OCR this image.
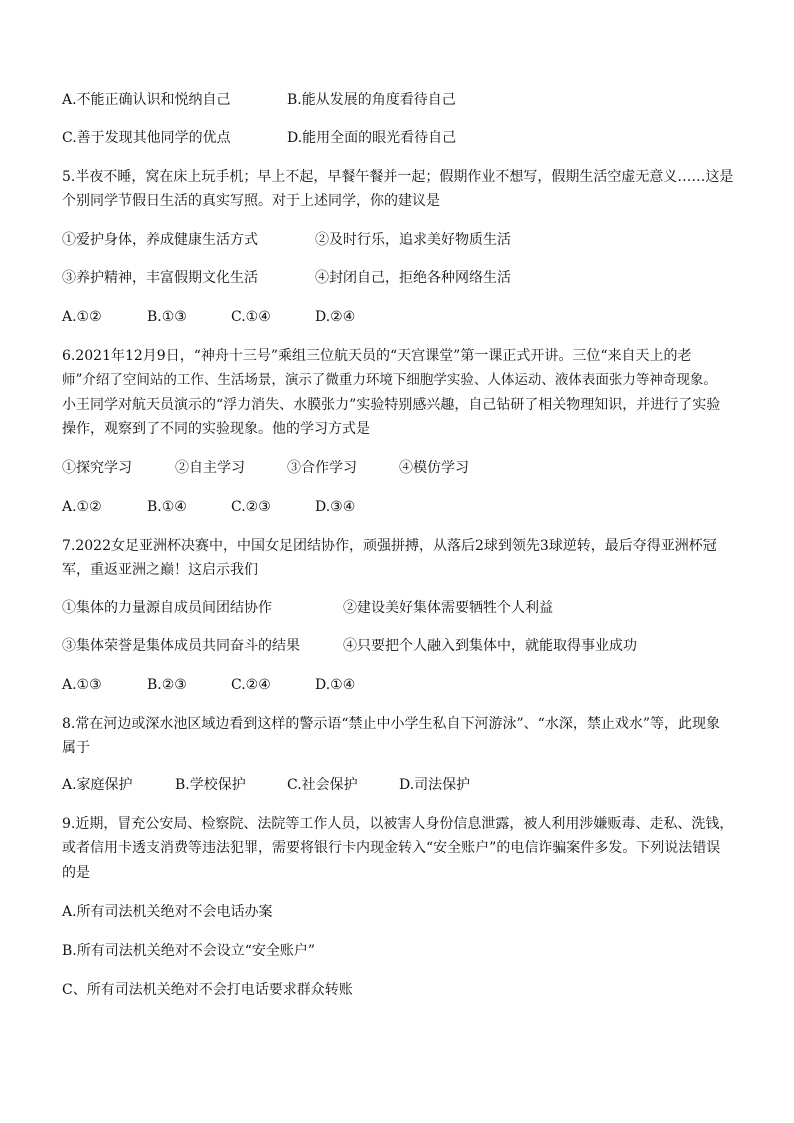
A.不能正确认识和悦纳自己	B.能从发展的角度看待自己
C.善于发现其他同学的优点	D.能用全面的眼光看待自己
5.半夜不睡，窝在床上玩手机；早上不起，早餐午餐并一起；假期作业不想写，假期生活空虚无意义……这是
个别同学节假日生活的真实写照。对于上述同学，你的建议是
①爱护身体，养成健康生活方式	②及时行乐，追求美好物质生活
③养护精神，丰富假期文化生活	④封闭自己，拒绝各种网络生活
A.①②	B.①③	C.①④	D.②④
6.2021年12月9日，“神舟十三号”乘组三位航天员的“天宫课堂”第一课正式开讲。三位“来自天上的老
师”介绍了空间站的工作、生活场景，演示了微重力环境下细胞学实验、人体运动、液体表面张力等神奇现象。
小王同学对航天员演示的“浮力消失、水膜张力”实验特别感兴趣，自己钻研了相关物理知识，并进行了实验
操作，观察到了不同的实验现象。他的学习方式是
①探究学习	②自主学习	③合作学习	④模仿学习
A.①②	B.①④	C.②③	D.③④
7.2022女足亚洲杯决赛中，中国女足团结协作，顽强拼搏，从落后2球到领先3球逆转，最后夺得亚洲杯冠
军，重返亚洲之巅！这启示我们
①集体的力量源自成员间团结协作	②建设美好集体需要牺牲个人利益
③集体荣誉是集体成员共同奋斗的结果	④只要把个人融入到集体中，就能取得事业成功
A.①③	B.②③	C.②④	D.①④
8.常在河边或深水池区域边看到这样的警示语“禁止中小学生私自下河游泳”、“水深，禁止戏水”等，此现象
属于
A.家庭保护	B.学校保护	C.社会保护	D.司法保护
9.近期，冒充公安局、检察院、法院等工作人员，以被害人身份信息泄露，被人利用涉嫌贩毒、走私、洗钱，
或者信用卡透支消费等违法犯罪，需要将银行卡内现金转入“安全账户”的电信诈骗案件多发。下列说法错误
的是
A.所有司法机关绝对不会电话办案
B.所有司法机关绝对不会设立“安全账户”
C、所有司法机关绝对不会打电话要求群众转账
